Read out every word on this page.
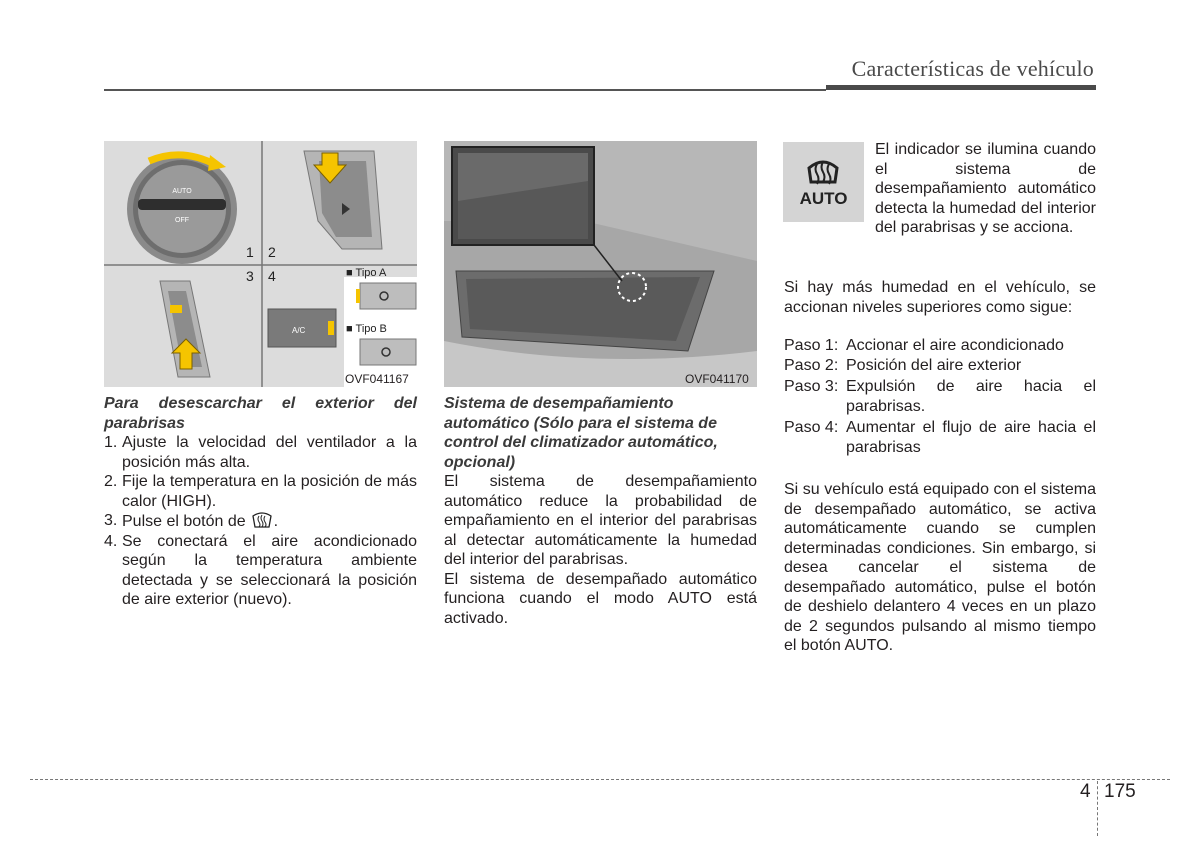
Características de vehículo
AUTO
OFF
1 2
3 4
A/C
■ Tipo A
■ Tipo B
OVF041167	OVF041170
AUTO

Para desescarchar el exterior del parabrisas

1. Ajuste la velocidad del ventilador a la posición más alta.
2. Fije la temperatura en la posición de más calor (HIGH).
3. Pulse el botón de .
4. Se conectará el aire acondicionado según la temperatura ambiente detectada y se seleccionará la posición de aire exterior (nuevo).

Sistema de desempañamiento automático (Sólo para el sistema de control del climatizador automático, opcional)

El sistema de desempañamiento automático reduce la probabilidad de empañamiento en el interior del parabrisas al detectar automáticamente la humedad del interior del parabrisas.

El sistema de desempañado automático funciona cuando el modo AUTO está activado.

El indicador se ilumina cuando el sistema de desempañamiento automático detecta la humedad del interior del parabrisas y se acciona.

Si hay más humedad en el vehículo, se accionan niveles superiores como sigue:

Paso 1: Accionar el aire acondicionado

Paso 2: Posición del aire exterior

Paso 3: Expulsión de aire hacia el parabrisas.

Paso 4: Aumentar el flujo de aire hacia el parabrisas

Si su vehículo está equipado con el sistema de desempañado automático, se activa automáticamente cuando se cumplen determinadas condiciones. Sin embargo, si desea cancelar el sistema de desempañado automático, pulse el botón de deshielo delantero 4 veces en un plazo de 2 segundos pulsando al mismo tiempo el botón AUTO.

4 175
